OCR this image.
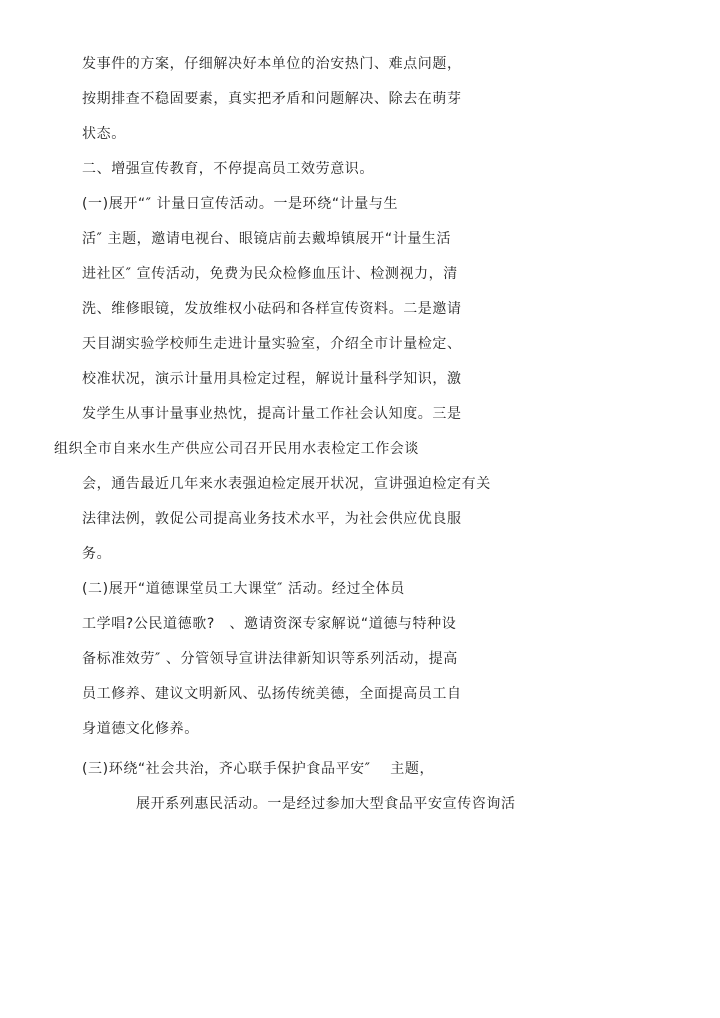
发事件的方案，仔细解决好本单位的治安热门、难点问题，
按期排查不稳固要素，真实把矛盾和问题解决、除去在萌芽
状态。
二、增强宣传教育，不停提高员工效劳意识。
(一)展开“″ 计量日宣传活动。一是环绕“计量与生
活″ 主题，邀请电视台、眼镜店前去戴埠镇展开“计量生活
进社区″ 宣传活动，免费为民众检修血压计、检测视力，清
洗、维修眼镜，发放维权小砝码和各样宣传资料。二是邀请
天目湖实验学校师生走进计量实验室，介绍全市计量检定、
校准状况，演示计量用具检定过程，解说计量科学知识，激
发学生从事计量事业热忱，提高计量工作社会认知度。三是
组织全市自来水生产供应公司召开民用水表检定工作会谈
会，通告最近几年来水表强迫检定展开状况，宣讲强迫检定有关
法律法例，敦促公司提高业务技术水平，为社会供应优良服
务。
(二)展开“道德课堂员工大课堂″ 活动。经过全体员
工学唱?公民道德歌?　、邀请资深专家解说“道德与特种设
备标准效劳″ 、分管领导宣讲法律新知识等系列活动，提高
员工修养、建议文明新风、弘扬传统美德，全面提高员工自
身道德文化修养。
(三)环绕“社会共治，齐心联手保护食品平安″　 主题，
展开系列惠民活动。一是经过参加大型食品平安宣传咨询活
